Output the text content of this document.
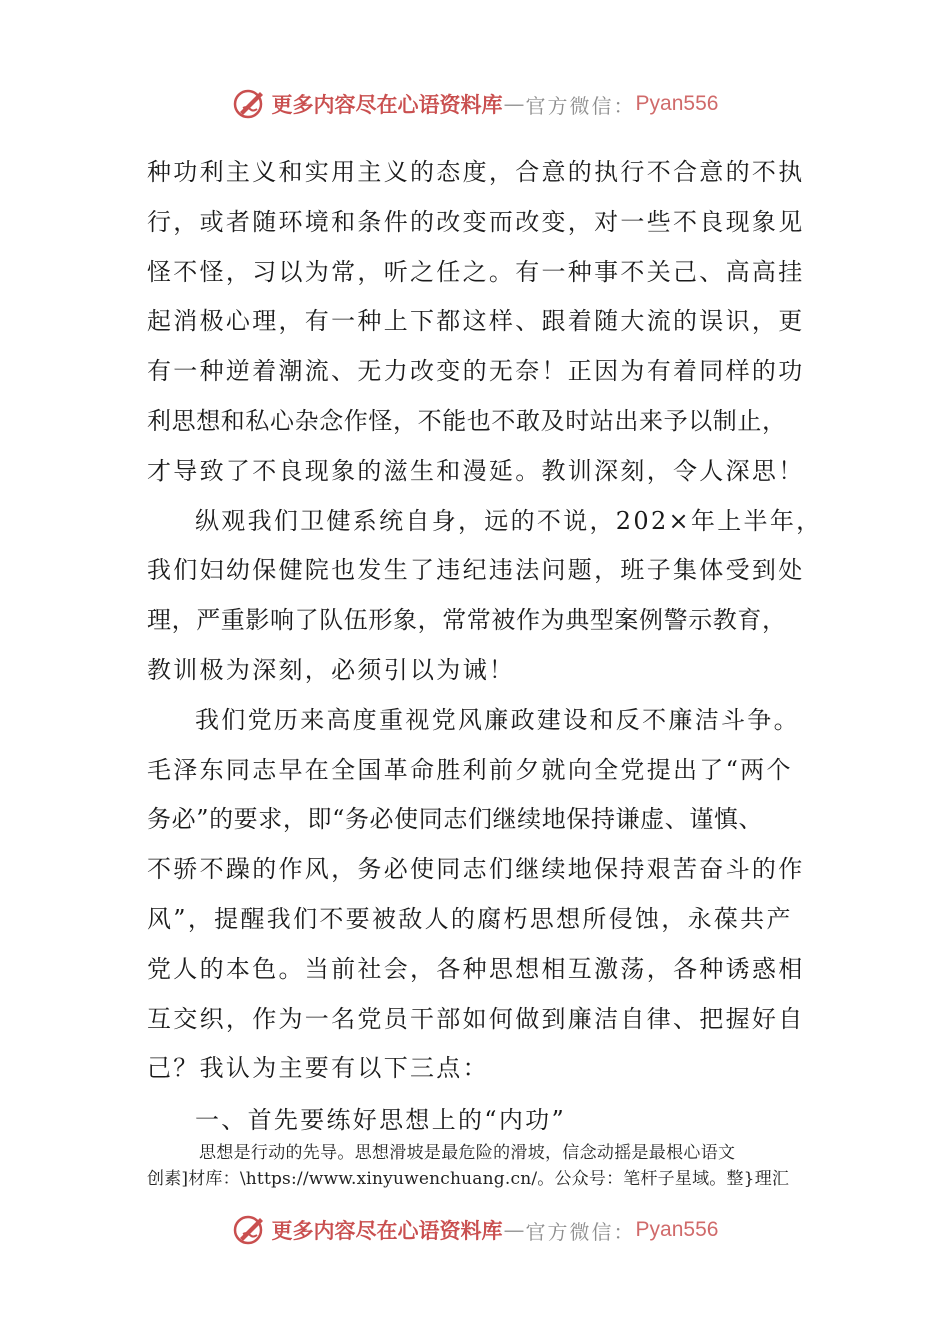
更多内容尽在心语资料库 — 官方微信： Pyan556
种功利主义和实用主义的态度，合意的执行不合意的不执
行，或者随环境和条件的改变而改变，对一些不良现象见
怪不怪，习以为常，听之任之。有一种事不关己、高高挂
起消极心理，有一种上下都这样、跟着随大流的误识，更
有一种逆着潮流、无力改变的无奈！正因为有着同样的功
利思想和私心杂念作怪，不能也不敢及时站出来予以制止，
才导致了不良现象的滋生和漫延。教训深刻，令人深思！
纵观我们卫健系统自身，远的不说，202×年上半年，
我们妇幼保健院也发生了违纪违法问题，班子集体受到处
理，严重影响了队伍形象，常常被作为典型案例警示教育，
教训极为深刻，必须引以为诫！
我们党历来高度重视党风廉政建设和反不廉洁斗争。
毛泽东同志早在全国革命胜利前夕就向全党提出了“两个
务必”的要求，即“务必使同志们继续地保持谦虚、谨慎、
不骄不躁的作风，务必使同志们继续地保持艰苦奋斗的作
风”，提醒我们不要被敌人的腐朽思想所侵蚀，永葆共产
党人的本色。当前社会，各种思想相互激荡，各种诱惑相
互交织，作为一名党员干部如何做到廉洁自律、把握好自
己？我认为主要有以下三点：
一、首先要练好思想上的“内功”
思想是行动的先导。思想滑坡是最危险的滑坡，信念动摇是最根心语文
创素]材库：\https://www.xinyuwenchuang.cn/。公众号：笔杆子星域。整}理汇
更多内容尽在心语资料库 — 官方微信： Pyan556
